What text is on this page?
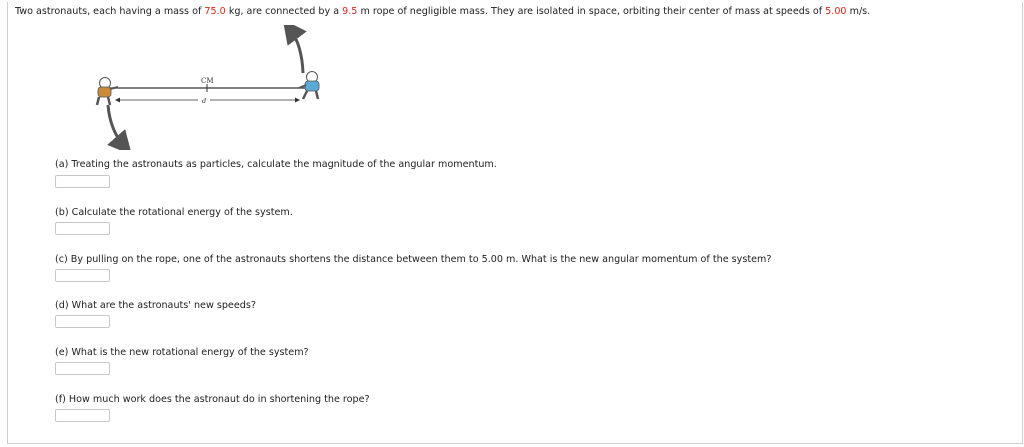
Two astronauts, each having a mass of 75.0 kg, are connected by a 9.5 m rope of negligible mass. They are isolated in space, orbiting their center of mass at speeds of 5.00 m/s.
CM
d
(a) Treating the astronauts as particles, calculate the magnitude of the angular momentum.
(b) Calculate the rotational energy of the system.
(c) By pulling on the rope, one of the astronauts shortens the distance between them to 5.00 m. What is the new angular momentum of the system?
(d) What are the astronauts' new speeds?
(e) What is the new rotational energy of the system?
(f) How much work does the astronaut do in shortening the rope?
